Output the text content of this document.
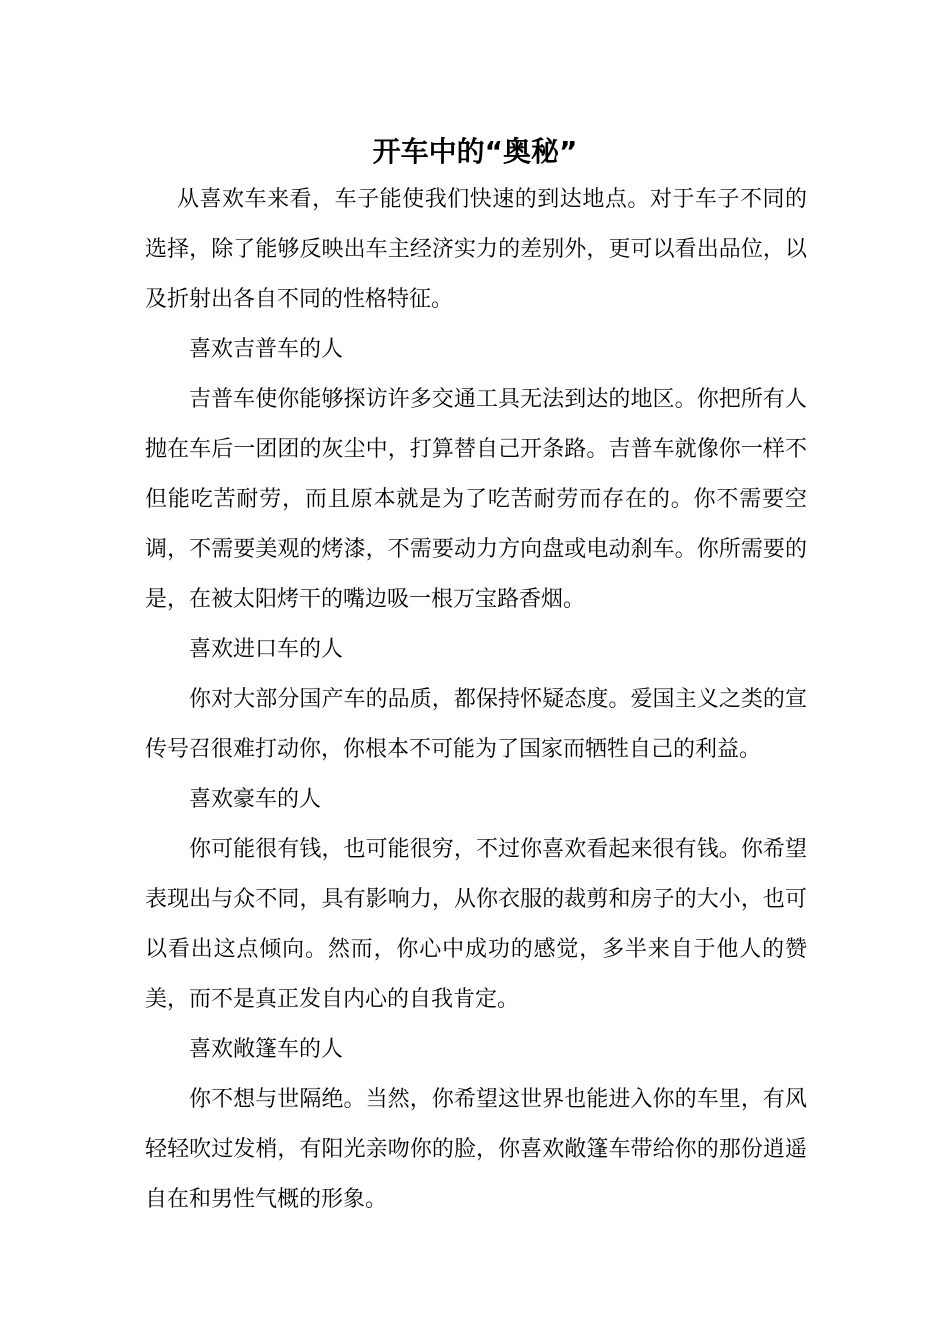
开车中的“奥秘”

从喜欢车来看，车子能使我们快速的到达地点。对于车子不同的选择，除了能够反映出车主经济实力的差别外，更可以看出品位，以及折射出各自不同的性格特征。

喜欢吉普车的人

吉普车使你能够探访许多交通工具无法到达的地区。你把所有人抛在车后一团团的灰尘中，打算替自己开条路。吉普车就像你一样不但能吃苦耐劳，而且原本就是为了吃苦耐劳而存在的。你不需要空调，不需要美观的烤漆，不需要动力方向盘或电动刹车。你所需要的是，在被太阳烤干的嘴边吸一根万宝路香烟。

喜欢进口车的人

你对大部分国产车的品质，都保持怀疑态度。爱国主义之类的宣传号召很难打动你，你根本不可能为了国家而牺牲自己的利益。

喜欢豪车的人

你可能很有钱，也可能很穷，不过你喜欢看起来很有钱。你希望表现出与众不同，具有影响力，从你衣服的裁剪和房子的大小，也可以看出这点倾向。然而，你心中成功的感觉，多半来自于他人的赞美，而不是真正发自内心的自我肯定。

喜欢敞篷车的人

你不想与世隔绝。当然，你希望这世界也能进入你的车里，有风轻轻吹过发梢，有阳光亲吻你的脸，你喜欢敞篷车带给你的那份逍遥自在和男性气概的形象。
